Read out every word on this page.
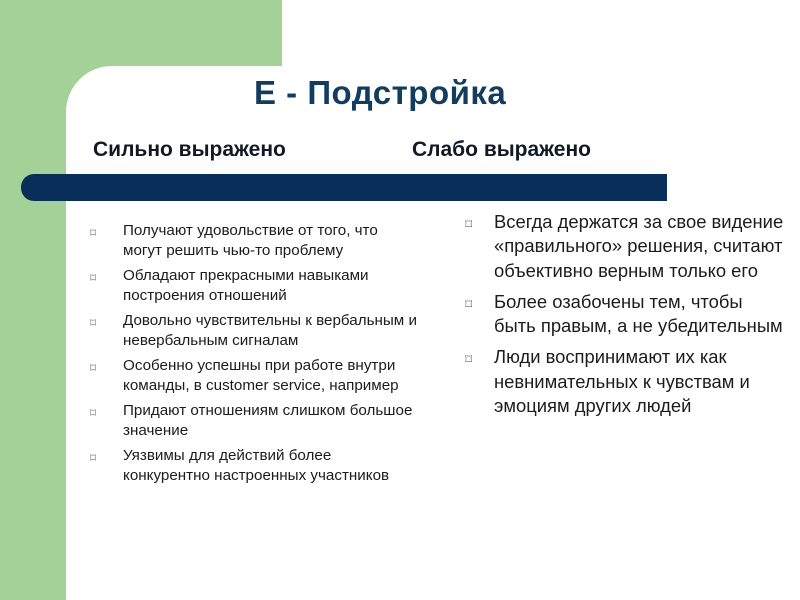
Е - Подстройка
Сильно выражено	Слабо выражено
⌑ Получают удовольствие от того, что могут решить чью-то проблему
⌑ Обладают прекрасными навыками построения отношений
⌑ Довольно чувствительны к вербальным и невербальным сигналам
⌑ Особенно успешны при работе внутри команды, в customer service, например
⌑ Придают отношениям слишком большое значение
⌑ Уязвимы для действий более конкурентно настроенных участников
⌑ Всегда держатся за свое видение «правильного» решения, считают объективно верным только его
⌑ Более озабочены тем, чтобы быть правым, а не убедительным
⌑ Люди воспринимают их как невнимательных к чувствам и эмоциям других людей
